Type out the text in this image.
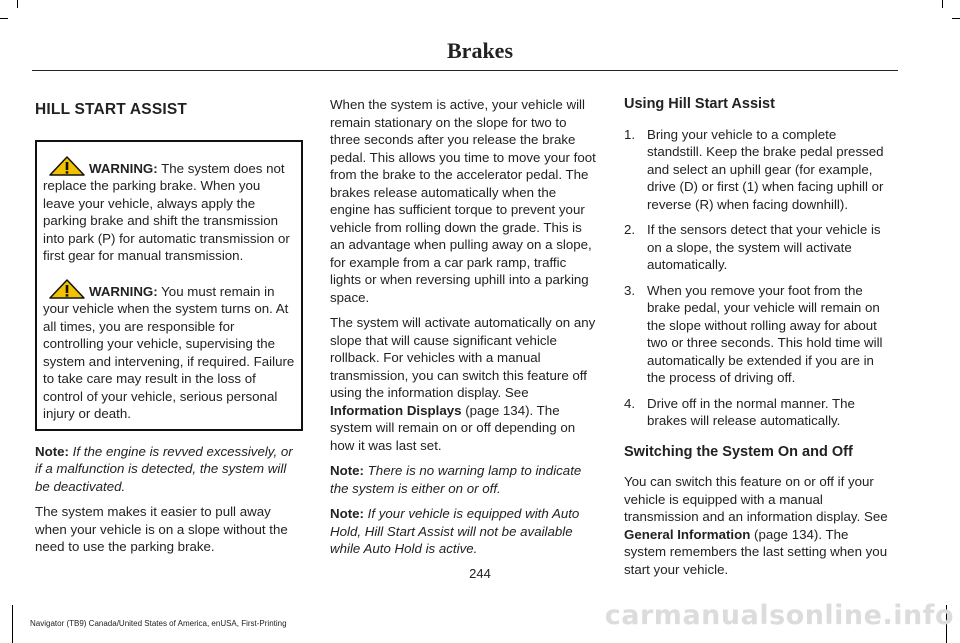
Brakes
HILL START ASSIST

WARNING: The system does not replace the parking brake. When you leave your vehicle, always apply the parking brake and shift the transmission into park (P) for automatic transmission or first gear for manual transmission.

WARNING: You must remain in your vehicle when the system turns on. At all times, you are responsible for controlling your vehicle, supervising the system and intervening, if required. Failure to take care may result in the loss of control of your vehicle, serious personal injury or death.

Note: If the engine is revved excessively, or if a malfunction is detected, the system will be deactivated.

The system makes it easier to pull away when your vehicle is on a slope without the need to use the parking brake.

When the system is active, your vehicle will remain stationary on the slope for two to three seconds after you release the brake pedal. This allows you time to move your foot from the brake to the accelerator pedal. The brakes release automatically when the engine has sufficient torque to prevent your vehicle from rolling down the grade. This is an advantage when pulling away on a slope, for example from a car park ramp, traffic lights or when reversing uphill into a parking space.

The system will activate automatically on any slope that will cause significant vehicle rollback. For vehicles with a manual transmission, you can switch this feature off using the information display. See Information Displays (page 134). The system will remain on or off depending on how it was last set.

Note: There is no warning lamp to indicate the system is either on or off.

Note: If your vehicle is equipped with Auto Hold, Hill Start Assist will not be available while Auto Hold is active.

Using Hill Start Assist
1. Bring your vehicle to a complete standstill. Keep the brake pedal pressed and select an uphill gear (for example, drive (D) or first (1) when facing uphill or reverse (R) when facing downhill).
2. If the sensors detect that your vehicle is on a slope, the system will activate automatically.
3. When you remove your foot from the brake pedal, your vehicle will remain on the slope without rolling away for about two or three seconds. This hold time will automatically be extended if you are in the process of driving off.
4. Drive off in the normal manner. The brakes will release automatically.
Switching the System On and Off

You can switch this feature on or off if your vehicle is equipped with a manual transmission and an information display. See General Information (page 134). The system remembers the last setting when you start your vehicle.

244
Navigator (TB9) Canada/United States of America, enUSA, First-Printing	carmanualsonline.info
